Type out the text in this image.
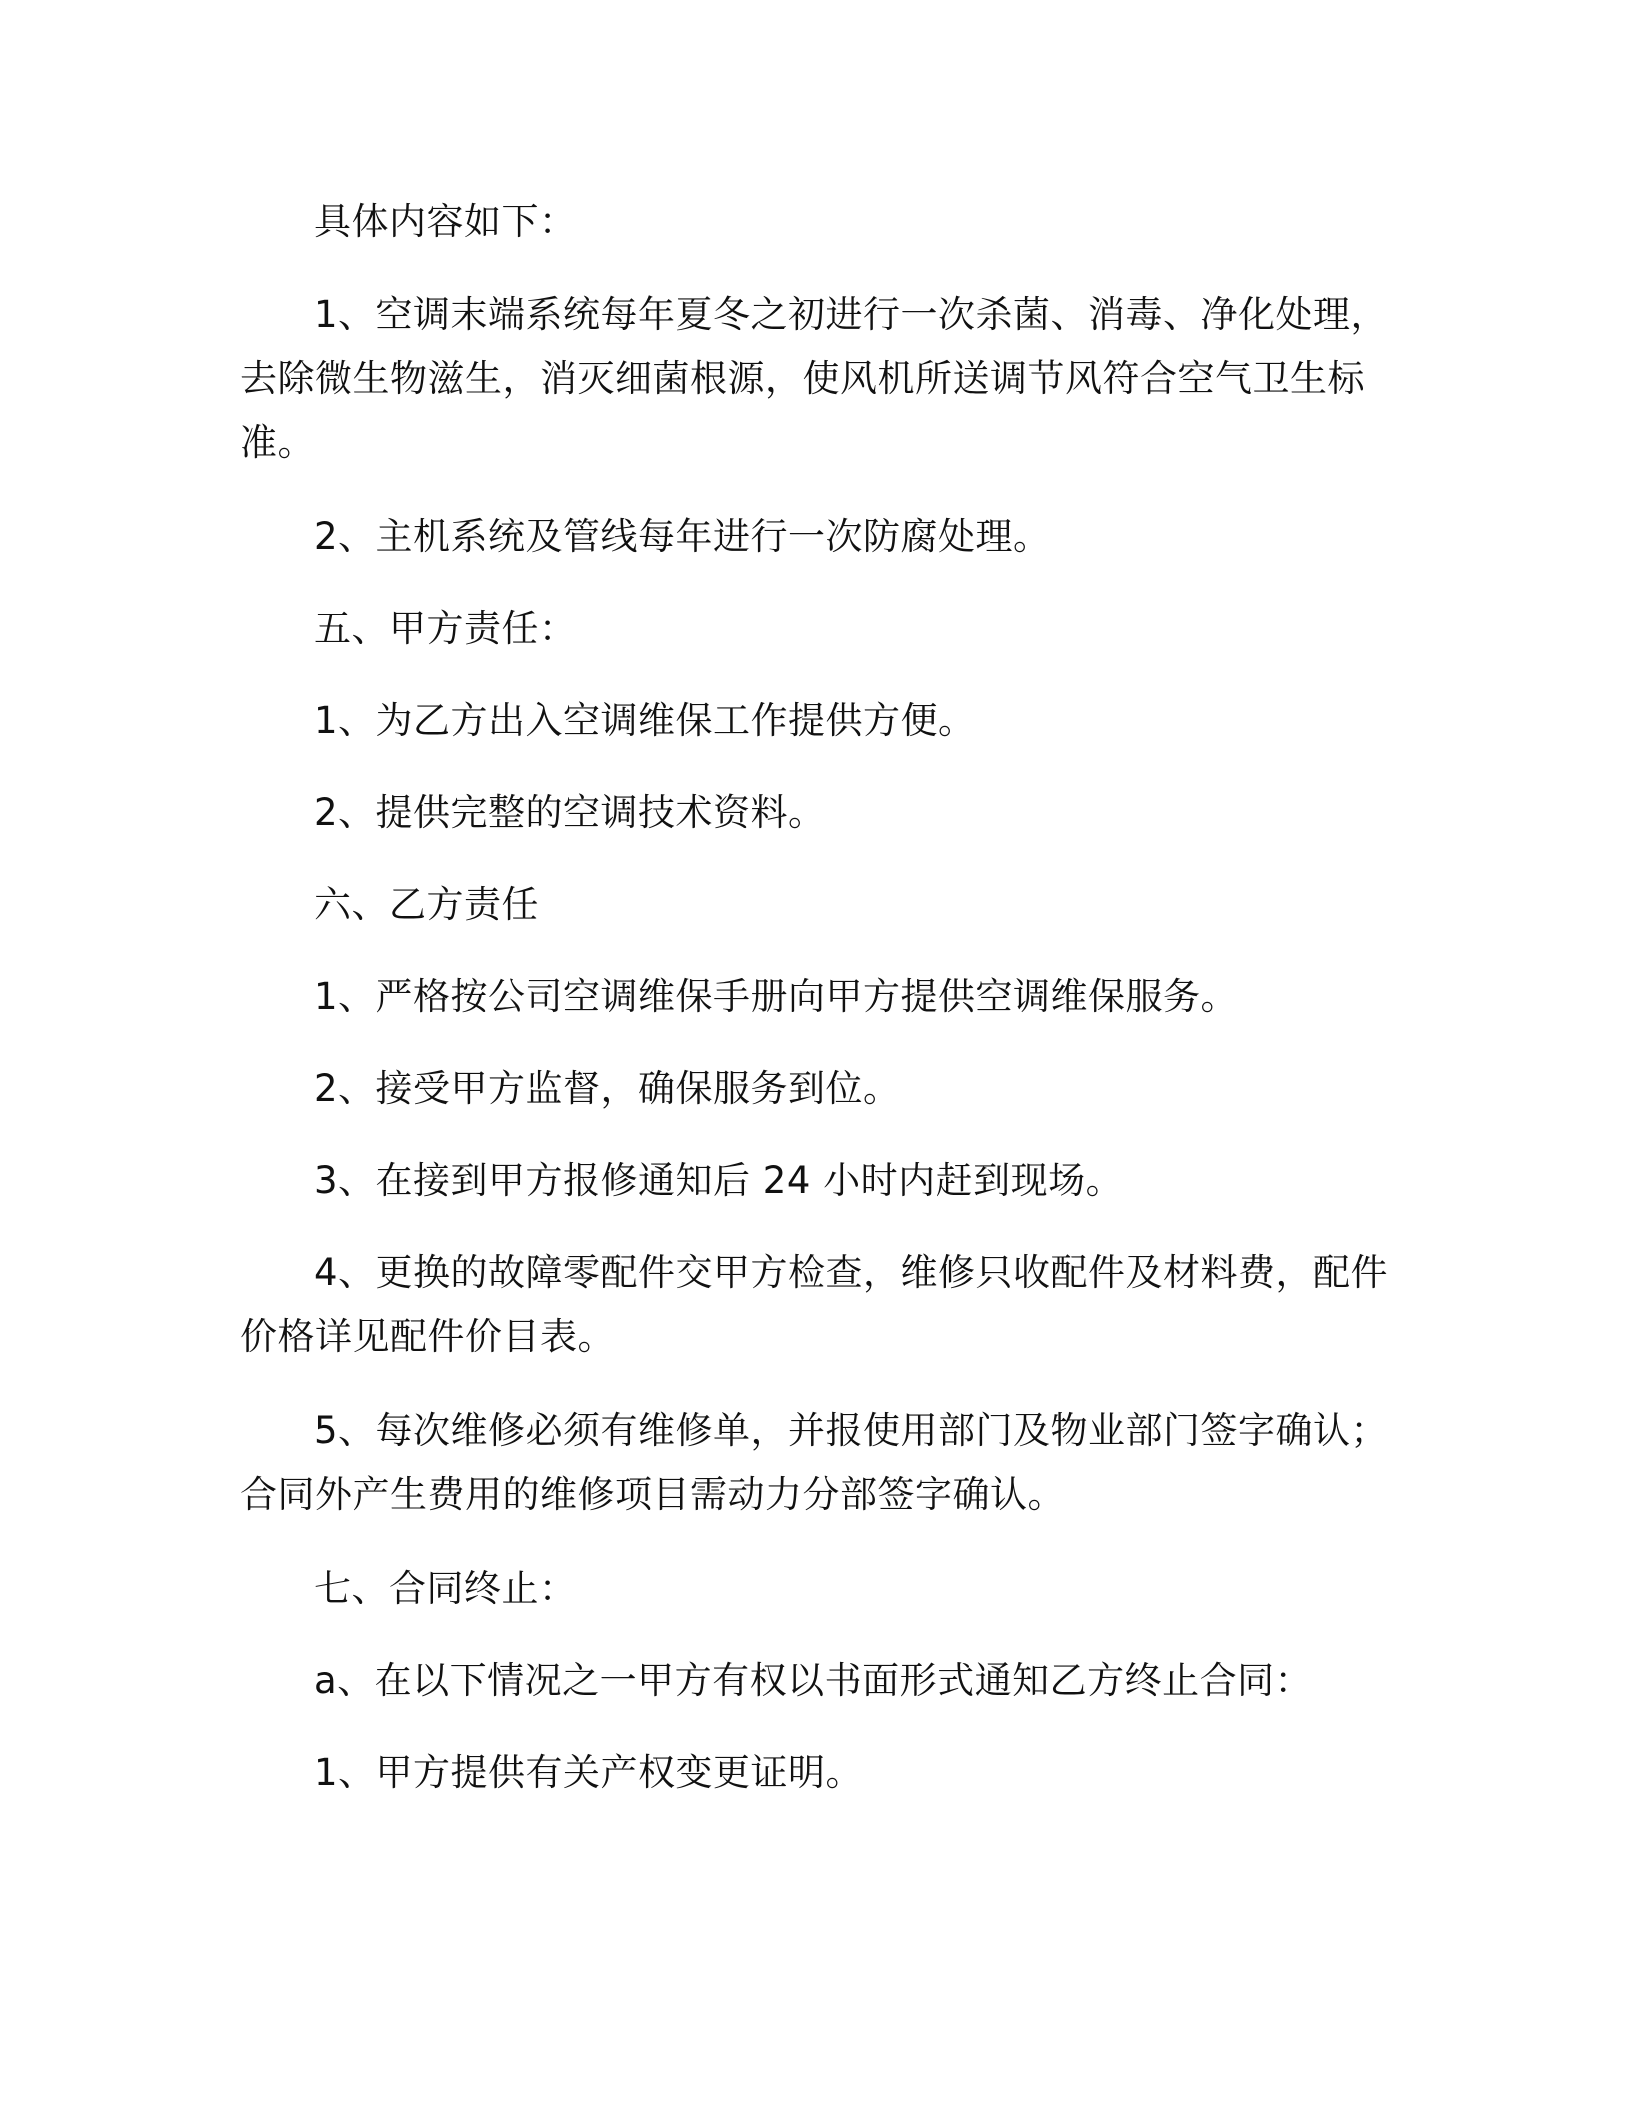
具体内容如下：

1、空调末端系统每年夏冬之初进行一次杀菌、消毒、净化处理，
去除微生物滋生，消灭细菌根源，使风机所送调节风符合空气卫生标
准。

2、主机系统及管线每年进行一次防腐处理。

五、甲方责任：

1、为乙方出入空调维保工作提供方便。

2、提供完整的空调技术资料。

六、乙方责任

1、严格按公司空调维保手册向甲方提供空调维保服务。

2、接受甲方监督，确保服务到位。

3、在接到甲方报修通知后 24 小时内赶到现场。

4、更换的故障零配件交甲方检查，维修只收配件及材料费，配件
价格详见配件价目表。

5、每次维修必须有维修单，并报使用部门及物业部门签字确认；
合同外产生费用的维修项目需动力分部签字确认。

七、合同终止：

a、在以下情况之一甲方有权以书面形式通知乙方终止合同：

1、甲方提供有关产权变更证明。
